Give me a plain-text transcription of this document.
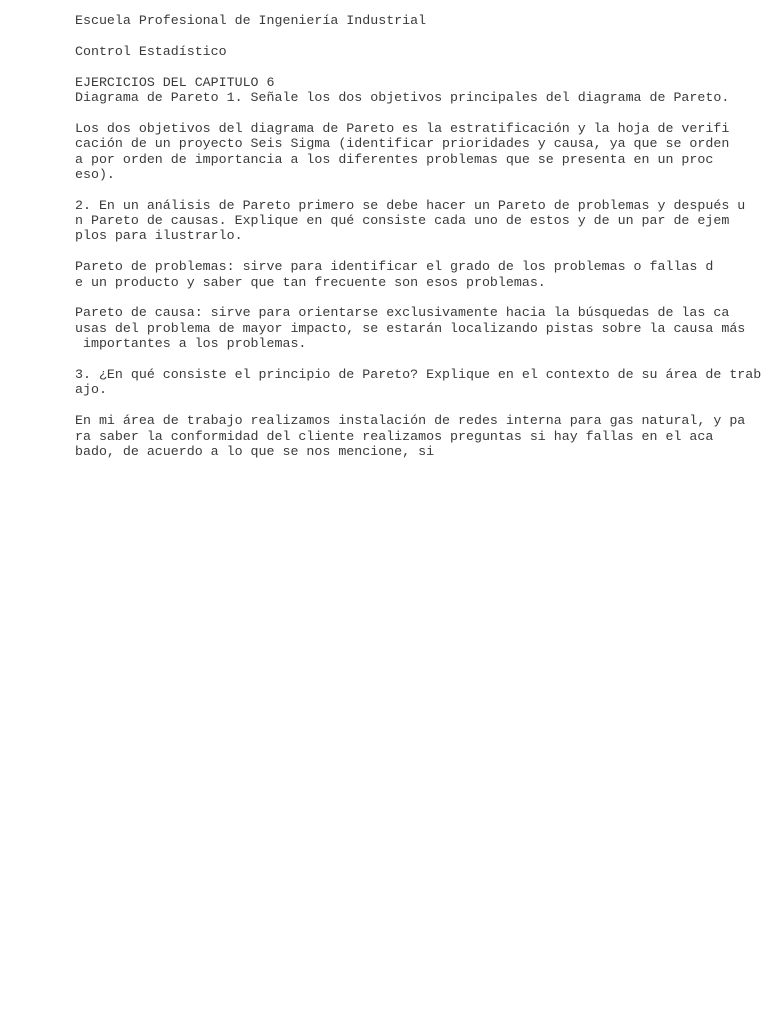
Escuela Profesional de Ingeniería Industrial
Control Estadístico
EJERCICIOS DEL CAPITULO 6
Diagrama de Pareto 1. Señale los dos objetivos principales del diagrama de Pareto.
Los dos objetivos del diagrama de Pareto es la estratificación y la hoja de verifi
cación de un proyecto Seis Sigma (identificar prioridades y causa, ya que se orden
a por orden de importancia a los diferentes problemas que se presenta en un proc
eso).
2. En un análisis de Pareto primero se debe hacer un Pareto de problemas y después u
n Pareto de causas. Explique en qué consiste cada uno de estos y de un par de ejem
plos para ilustrarlo.
Pareto de problemas: sirve para identificar el grado de los problemas o fallas d
e un producto y saber que tan frecuente son esos problemas.
Pareto de causa: sirve para orientarse exclusivamente hacia la búsquedas de las ca
usas del problema de mayor impacto, se estarán localizando pistas sobre la causa más
importantes a los problemas.
3. ¿En qué consiste el principio de Pareto? Explique en el contexto de su área de trab
ajo.
En mi área de trabajo realizamos instalación de redes interna para gas natural, y pa
ra saber la conformidad del cliente realizamos preguntas si hay fallas en el aca
bado, de acuerdo a lo que se nos mencione, si
